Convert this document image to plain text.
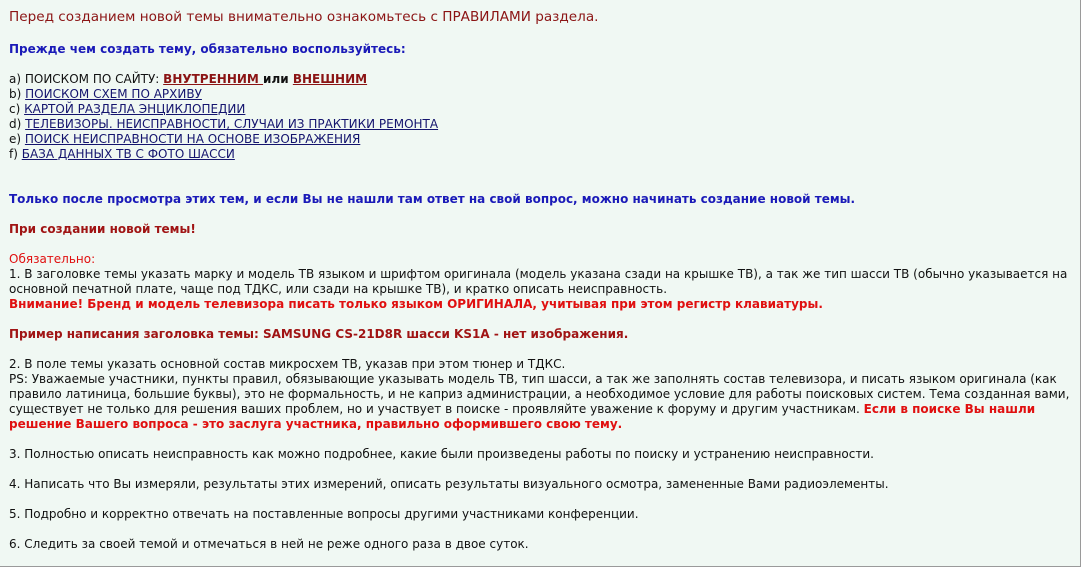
Перед созданием новой темы внимательно ознакомьтесь с ПРАВИЛАМИ раздела.
Прежде чем создать тему, обязательно воспользуйтесь:
a) ПОИСКОМ ПО САЙТУ: ВНУТРЕННИМ или ВНЕШНИМ
b) ПОИСКОМ СХЕМ ПО АРХИВУ
c) КАРТОЙ РАЗДЕЛА ЭНЦИКЛОПЕДИИ
d) ТЕЛЕВИЗОРЫ. НЕИСПРАВНОСТИ, СЛУЧАИ ИЗ ПРАКТИКИ РЕМОНТА
e) ПОИСК НЕИСПРАВНОСТИ НА ОСНОВЕ ИЗОБРАЖЕНИЯ
f) БАЗА ДАННЫХ ТВ С ФОТО ШАССИ
Только после просмотра этих тем, и если Вы не нашли там ответ на свой вопрос, можно начинать создание новой темы.
При создании новой темы!
Обязательно:
1. В заголовке темы указать марку и модель ТВ языком и шрифтом оригинала (модель указана сзади на крышке ТВ), а так же тип шасси ТВ (обычно указывается на основной печатной плате, чаще под ТДКС, или сзади на крышке ТВ), и кратко описать неисправность.
Внимание! Бренд и модель телевизора писать только языком ОРИГИНАЛА, учитывая при этом регистр клавиатуры.
Пример написания заголовка темы: SAMSUNG CS-21D8R шасси KS1A - нет изображения.
2. В поле темы указать основной состав микросхем ТВ, указав при этом тюнер и ТДКС.
PS: Уважаемые участники, пункты правил, обязывающие указывать модель ТВ, тип шасси, а так же заполнять состав телевизора, и писать языком оригинала (как правило латиница, большие буквы), это не формальность, и не каприз администрации, а необходимое условие для работы поисковых систем. Тема созданная вами, существует не только для решения ваших проблем, но и участвует в поиске - проявляйте уважение к форуму и другим участникам. Если в поиске Вы нашли решение Вашего вопроса - это заслуга участника, правильно оформившего свою тему.
3. Полностью описать неисправность как можно подробнее, какие были произведены работы по поиску и устранению неисправности.
4. Написать что Вы измеряли, результаты этих измерений, описать результаты визуального осмотра, замененные Вами радиоэлементы.
5. Подробно и корректно отвечать на поставленные вопросы другими участниками конференции.
6. Следить за своей темой и отмечаться в ней не реже одного раза в двое суток.
